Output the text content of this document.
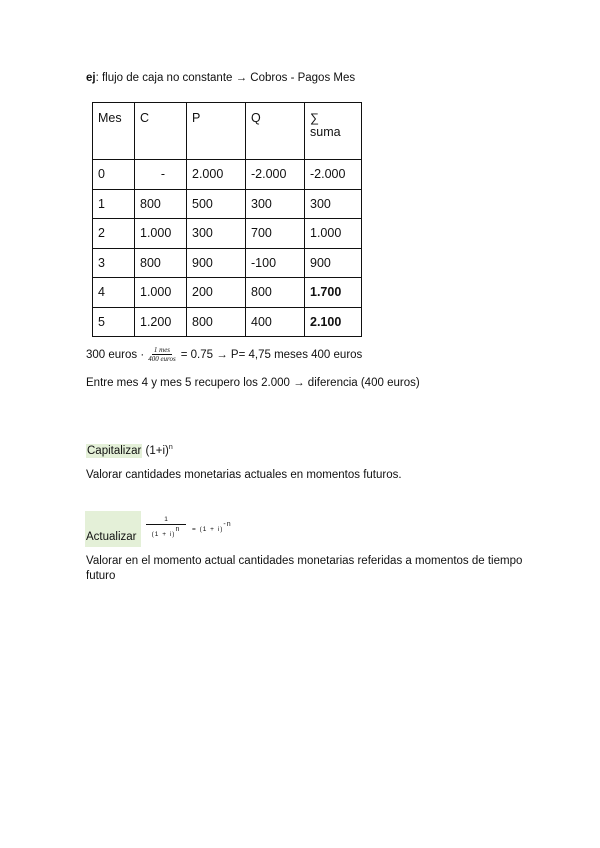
ej: flujo de caja no constante → Cobros - Pagos Mes
Mes	C	P	Q	∑
suma

0	-	2.000	-2.000	-2.000
1	800	500	300	300
2	1.000	300	700	1.000
3	800	900	-100	900
4	1.000	200	800	1.700
5	1.200	800	400	2.100
300 euros · $\frac{\text{1 mes}}{\text{400 euros}} = 0.75 \to P= 4,75$ meses 400 euros
Entre mes 4 y mes 5 recupero los 2.000 → diferencia (400 euros)
Capitalizar $(1+i)^n$
Valorar cantidades monetarias actuales en momentos futuros.
Actualizar $\frac{1}{(1 + i)^n} = (1 + i)^{-n}$
Valorar en el momento actual cantidades monetarias referidas a momentos de tiempo futuro
